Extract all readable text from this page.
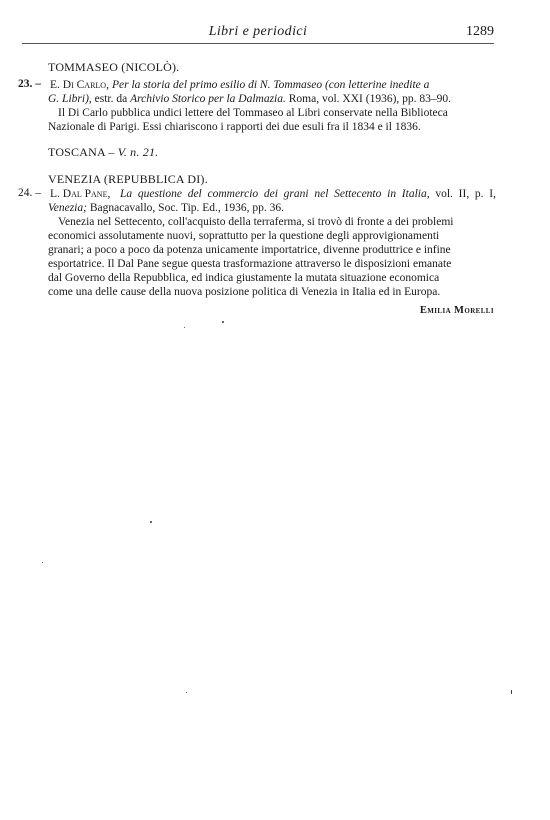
Libri e periodici	1289
TOMMASEO (NICOLÒ).
23. – E. Di Carlo, Per la storia del primo esilio di N. Tommaseo (con letterine inedite a
G. Libri), estr. da Archivio Storico per la Dalmazia. Roma, vol. XXI (1936), pp. 83–90.
Il Di Carlo pubblica undici lettere del Tommaseo al Libri conservate nella Biblioteca
Nazionale di Parigi. Essi chiariscono i rapporti dei due esuli fra il 1834 e il 1836.
TOSCANA – V. n. 21.
VENEZIA (REPUBBLICA DI).
24. – L. Dal Pane, La questione del commercio dei grani nel Settecento in Italia, vol. II, p. I,
Venezia; Bagnacavallo, Soc. Tip. Ed., 1936, pp. 36.
Venezia nel Settecento, coll'acquisto della terraferma, si trovò di fronte a dei problemi
economici assolutamente nuovi, soprattutto per la questione degli approvigionamenti
granari; a poco a poco da potenza unicamente importatrice, divenne produttrice e infine
esportatrice. Il Dal Pane segue questa trasformazione attraverso le disposizioni emanate
dal Governo della Repubblica, ed indica giustamente la mutata situazione economica
come una delle cause della nuova posizione politica di Venezia in Italia ed in Europa.
Emilia Morelli
